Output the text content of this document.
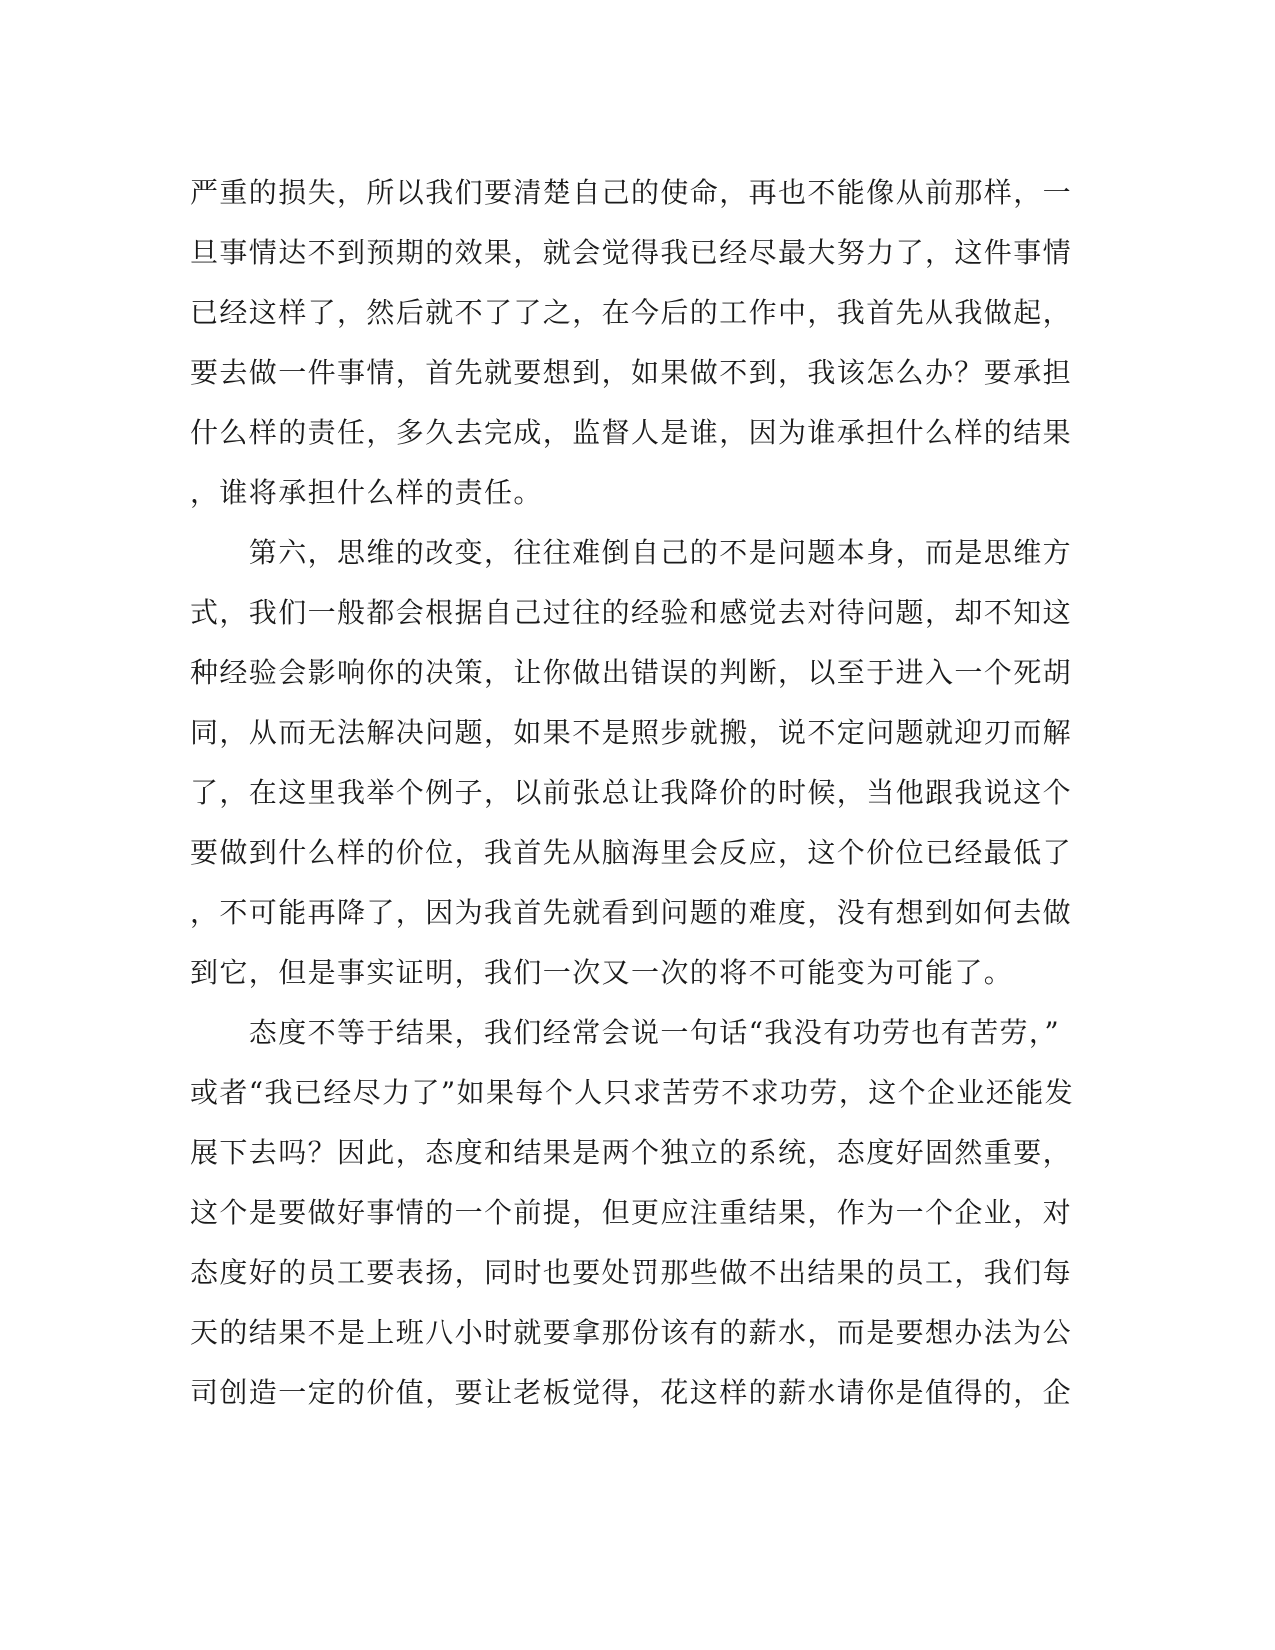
严重的损失，所以我们要清楚自己的使命，再也不能像从前那样，一
旦事情达不到预期的效果，就会觉得我已经尽最大努力了，这件事情
已经这样了，然后就不了了之，在今后的工作中，我首先从我做起，
要去做一件事情，首先就要想到，如果做不到，我该怎么办？要承担
什么样的责任，多久去完成，监督人是谁，因为谁承担什么样的结果
，谁将承担什么样的责任。
　　第六，思维的改变，往往难倒自己的不是问题本身，而是思维方
式，我们一般都会根据自己过往的经验和感觉去对待问题，却不知这
种经验会影响你的决策，让你做出错误的判断，以至于进入一个死胡
同，从而无法解决问题，如果不是照步就搬，说不定问题就迎刃而解
了，在这里我举个例子，以前张总让我降价的时候，当他跟我说这个
要做到什么样的价位，我首先从脑海里会反应，这个价位已经最低了
，不可能再降了，因为我首先就看到问题的难度，没有想到如何去做
到它，但是事实证明，我们一次又一次的将不可能变为可能了。
　　态度不等于结果，我们经常会说一句话“我没有功劳也有苦劳，”
或者“我已经尽力了”如果每个人只求苦劳不求功劳，这个企业还能发
展下去吗？因此，态度和结果是两个独立的系统，态度好固然重要，
这个是要做好事情的一个前提，但更应注重结果，作为一个企业，对
态度好的员工要表扬，同时也要处罚那些做不出结果的员工，我们每
天的结果不是上班八小时就要拿那份该有的薪水，而是要想办法为公
司创造一定的价值，要让老板觉得，花这样的薪水请你是值得的，企
